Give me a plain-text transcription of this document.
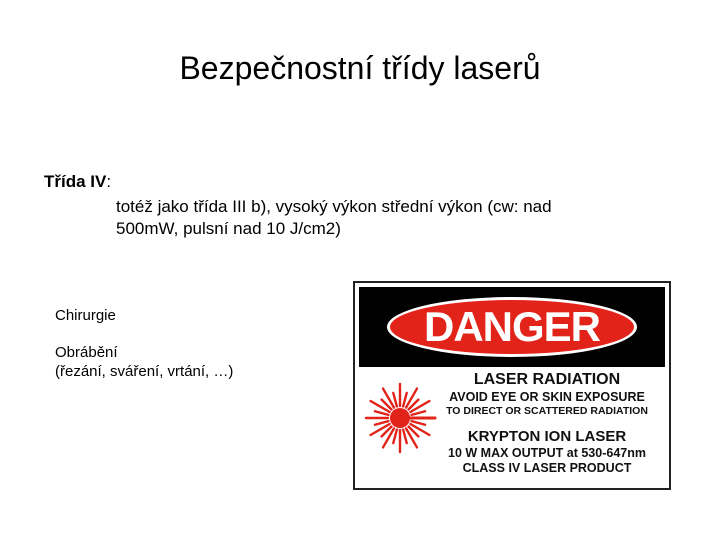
Bezpečnostní třídy laserů
Třída IV:
totéž jako třída III b), vysoký výkon střední výkon (cw: nad
500mW, pulsní nad 10 J/cm2)

Chirurgie

Obrábění
(řezání, sváření, vrtání, …)

DANGER
LASER RADIATION
AVOID EYE OR SKIN EXPOSURE
TO DIRECT OR SCATTERED RADIATION
KRYPTON ION LASER
10 W MAX OUTPUT at 530-647nm
CLASS IV LASER PRODUCT
